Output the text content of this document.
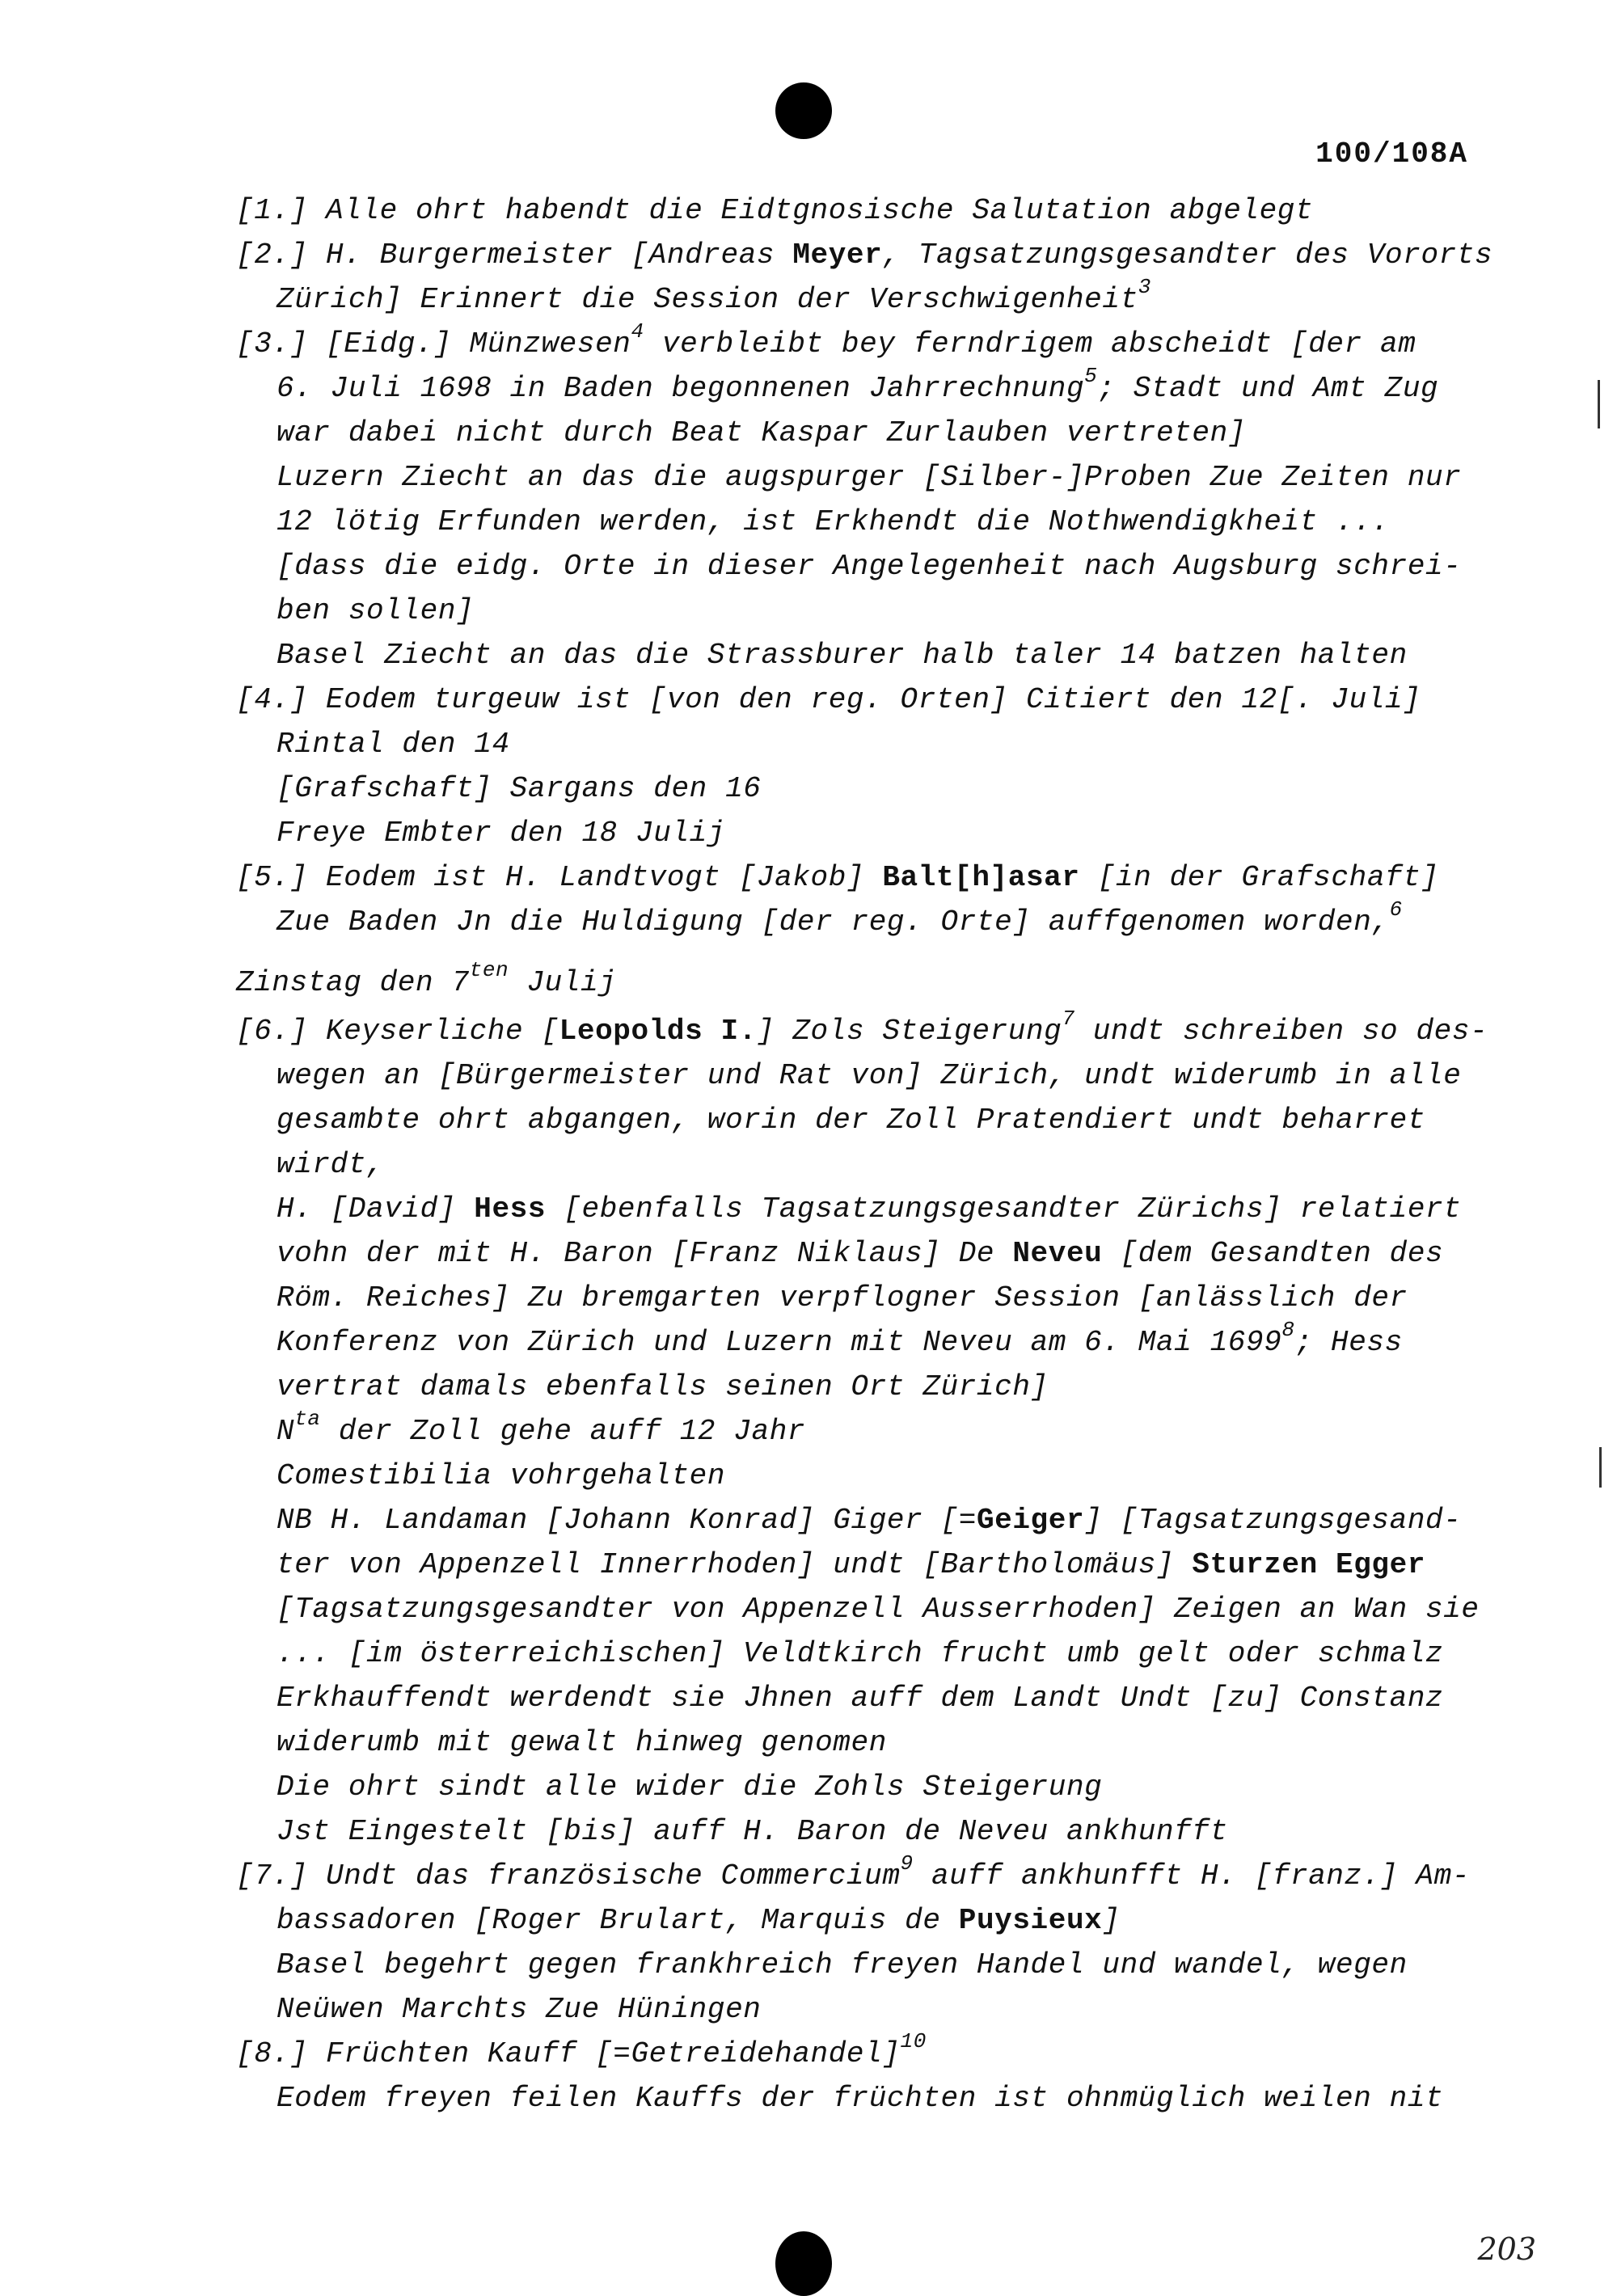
100/108A
[1.] Alle ohrt habendt die Eidtgnosische Salutation abgelegt
[2.] H. Burgermeister [Andreas Meyer, Tagsatzungsgesandter des Vororts
Zürich] Erinnert die Session der Verschwigenheit$^3$
[3.] [Eidg.] Münzwesen$^4$ verbleibt bey ferndrigem abscheidt [der am
6. Juli 1698 in Baden begonnenen Jahrrechnung$^5$; Stadt und Amt Zug
war dabei nicht durch Beat Kaspar Zurlauben vertreten]
Luzern Ziecht an das die augspurger [Silber-]Proben Zue Zeiten nur
12 lötig Erfunden werden, ist Erkhendt die Nothwendigkheit ...
[dass die eidg. Orte in dieser Angelegenheit nach Augsburg schrei-
ben sollen]
Basel Ziecht an das die Strassburer halb taler 14 batzen halten
[4.] Eodem turgeuw ist [von den reg. Orten] Citiert den 12[. Juli]
Rintal den 14
[Grafschaft] Sargans den 16
Freye Embter den 18 Julij
[5.] Eodem ist H. Landtvogt [Jakob] Balt[h]asar [in der Grafschaft]
Zue Baden Jn die Huldigung [der reg. Orte] auffgenomen worden,$^6$
Zinstag den $7^{ten}$ Julij
[6.] Keyserliche [Leopolds I.] Zols Steigerung$^7$ undt schreiben so des-
wegen an [Bürgermeister und Rat von] Zürich, undt widerumb in alle
gesambte ohrt abgangen, worin der Zoll Pratendiert undt beharret
wirdt,
H. [David] Hess [ebenfalls Tagsatzungsgesandter Zürichs] relatiert
vohn der mit H. Baron [Franz Niklaus] De Neveu [dem Gesandten des
Röm. Reiches] Zu bremgarten verpflogner Session [anlässlich der
Konferenz von Zürich und Luzern mit Neveu am 6. Mai 1699$^8$; Hess
vertrat damals ebenfalls seinen Ort Zürich]
$N^{ta}$ der Zoll gehe auff 12 Jahr
Comestibilia vohrgehalten
NB H. Landaman [Johann Konrad] Giger [=Geiger] [Tagsatzungsgesand-
ter von Appenzell Innerrhoden] undt [Bartholomäus] Sturzen Egger
[Tagsatzungsgesandter von Appenzell Ausserrhoden] Zeigen an Wan sie
... [im österreichischen] Veldtkirch frucht umb gelt oder schmalz
Erkhauffendt werdendt sie Jhnen auff dem Landt Undt [zu] Constanz
widerumb mit gewalt hinweg genomen
Die ohrt sindt alle wider die Zohls Steigerung
Jst Eingestelt [bis] auff H. Baron de Neveu ankhunfft
[7.] Undt das französische Commercium$^9$ auff ankhunfft H. [franz.] Am-
bassadoren [Roger Brulart, Marquis de Puysieux]
Basel begehrt gegen frankhreich freyen Handel und wandel, wegen
Neüwen Marchts Zue Hüningen
[8.] Früchten Kauff [=Getreidehandel]$^{10}$
Eodem freyen feilen Kauffs der früchten ist ohnmüglich weilen nit
203
